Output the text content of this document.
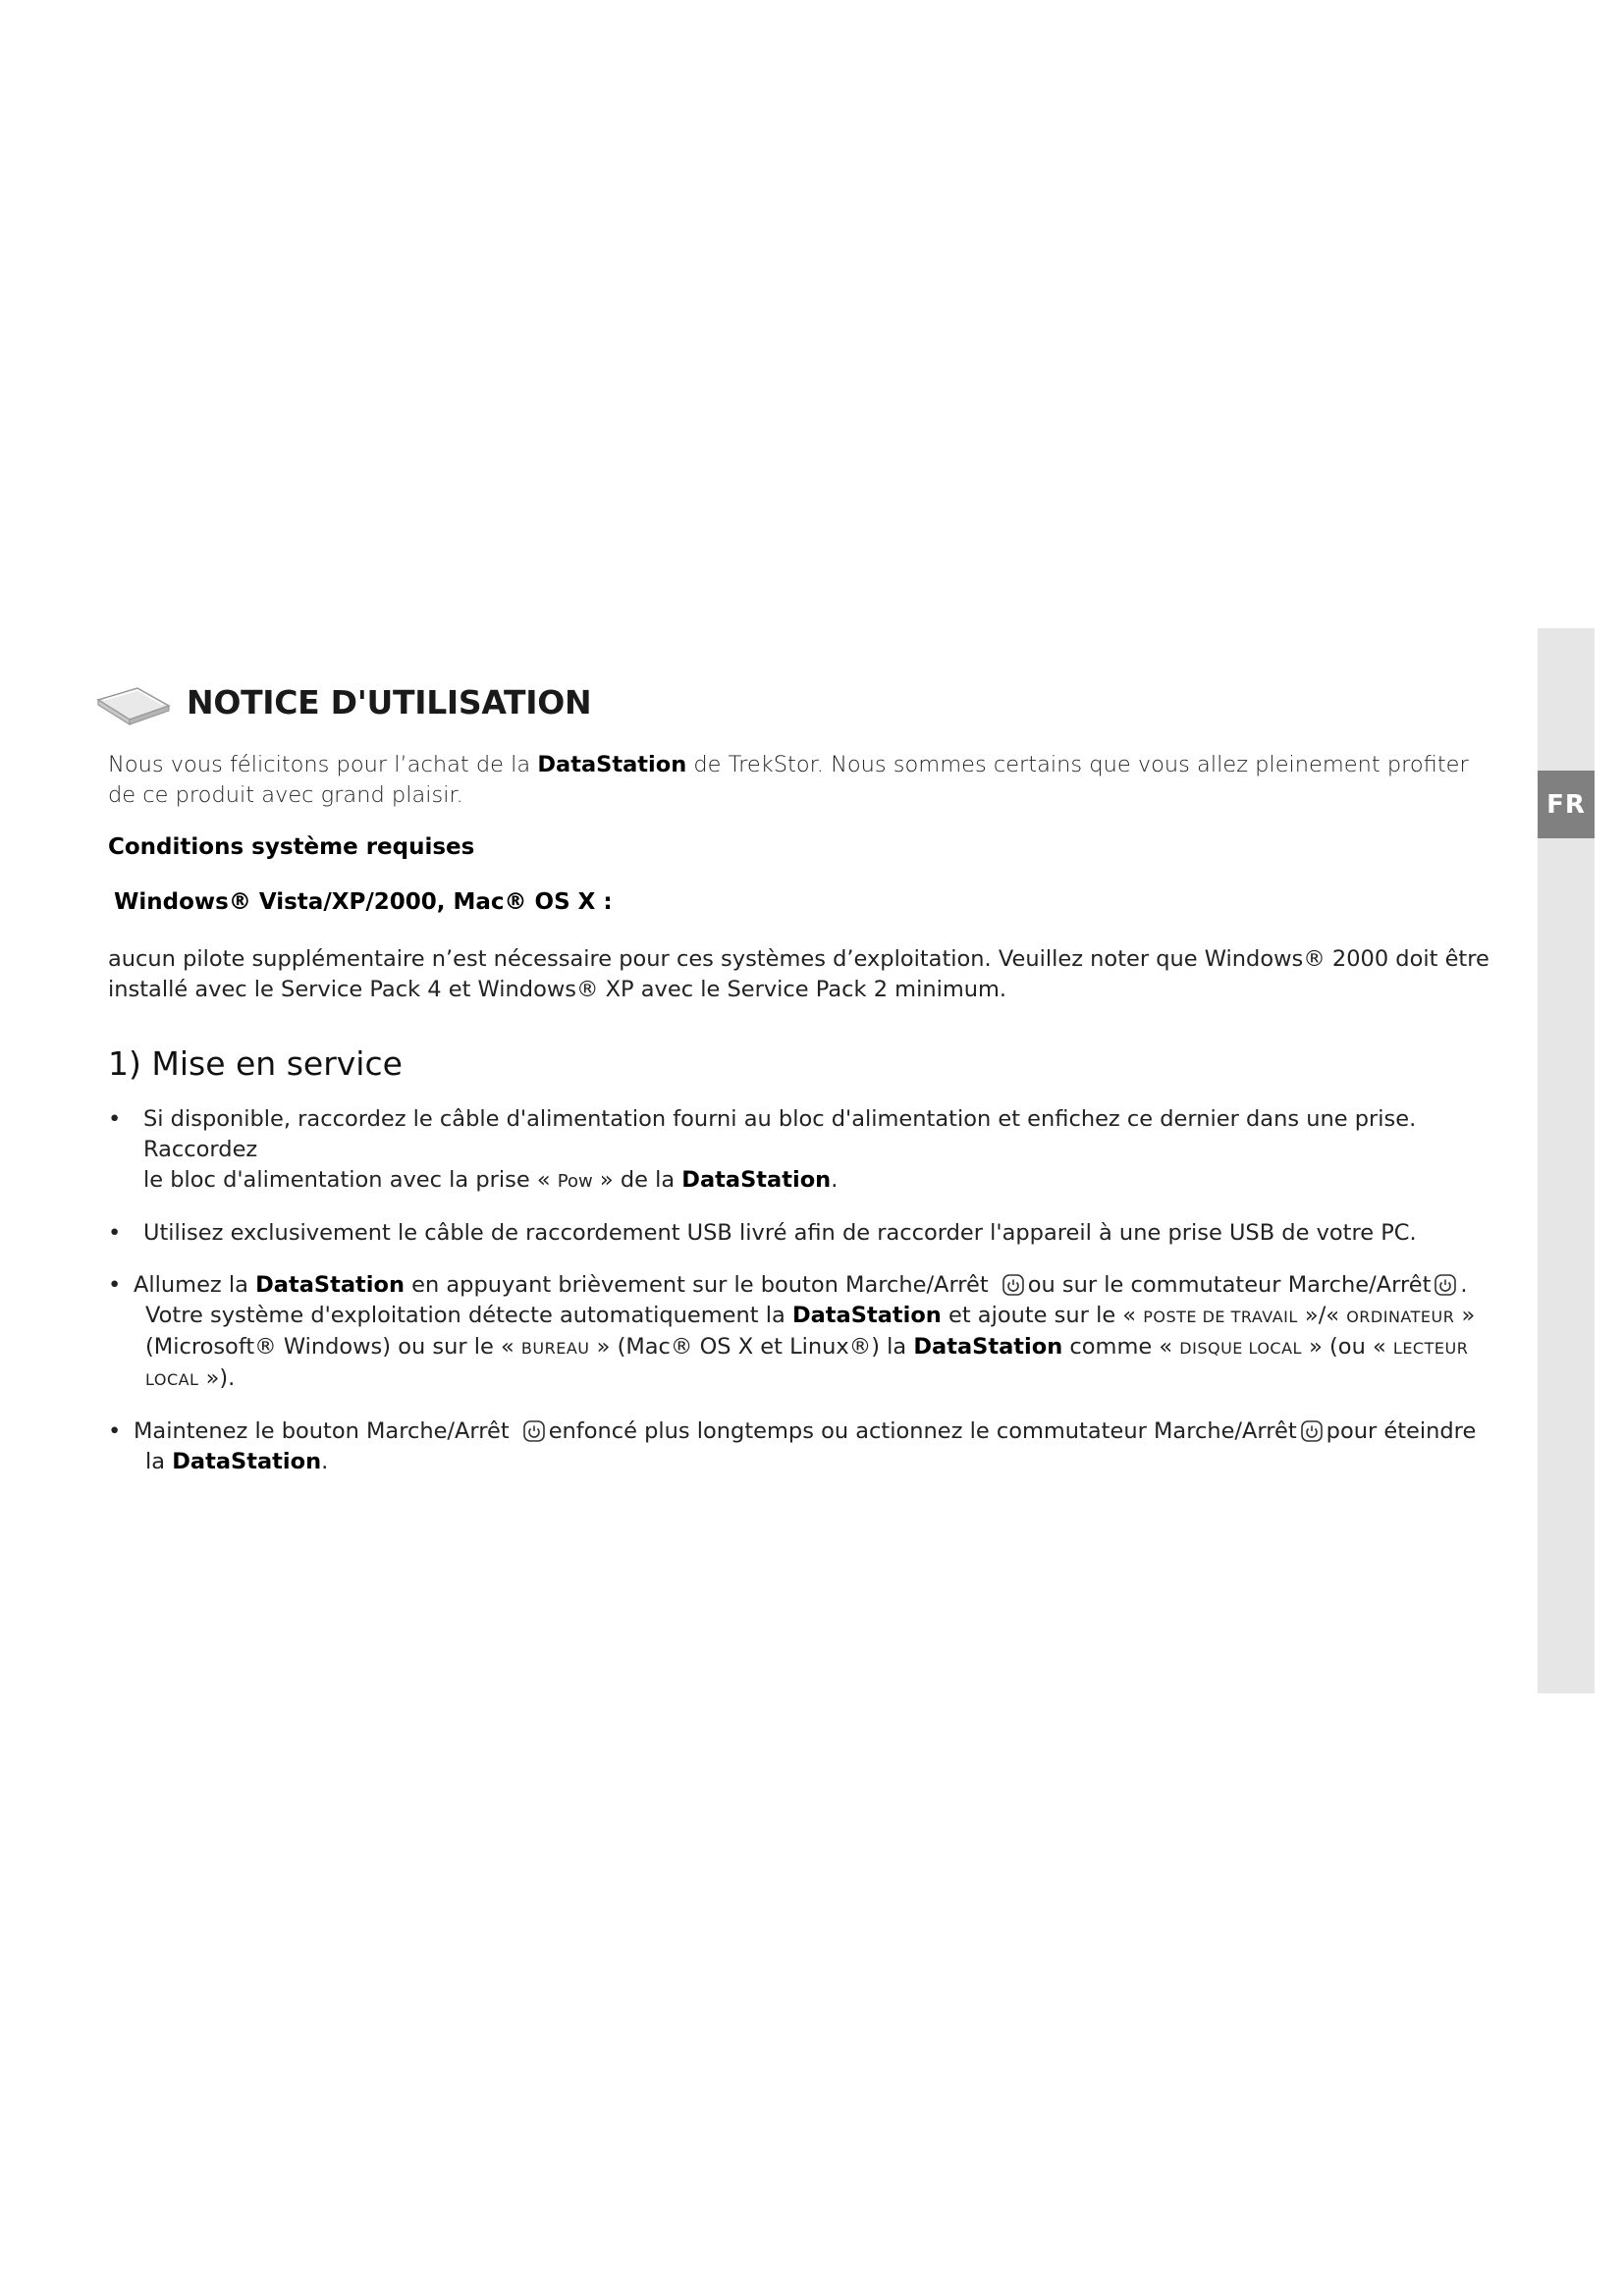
FR
NOTICE D'UTILISATION

Nous vous félicitons pour l’achat de la DataStation de TrekStor. Nous sommes certains que vous allez pleinement profiter de ce produit avec grand plaisir.

Conditions système requises

Windows® Vista/XP/2000, Mac® OS X :

aucun pilote supplémentaire n’est nécessaire pour ces systèmes d’exploitation. Veuillez noter que Windows® 2000 doit être installé avec le Service Pack 4 et Windows® XP avec le Service Pack 2 minimum.

1) Mise en service

• Si disponible, raccordez le câble d'alimentation fourni au bloc d'alimentation et enfichez ce dernier dans une prise. Raccordez
le bloc d'alimentation avec la prise « Pow » de la DataStation.
• Utilisez exclusivement le câble de raccordement USB livré afin de raccorder l'appareil à une prise USB de votre PC.
• Allumez la DataStation en appuyant brièvement sur le bouton Marche/Arrêt ou sur le commutateur Marche/Arrêt .
Votre système d'exploitation détecte automatiquement la DataStation et ajoute sur le « POSTE DE TRAVAIL »/« ORDINATEUR »
(Microsoft® Windows) ou sur le « BUREAU » (Mac® OS X et Linux®) la DataStation comme « DISQUE LOCAL » (ou « LECTEUR LOCAL »).
• Maintenez le bouton Marche/Arrêt enfoncé plus longtemps ou actionnez le commutateur Marche/Arrêt pour éteindre
la DataStation.
